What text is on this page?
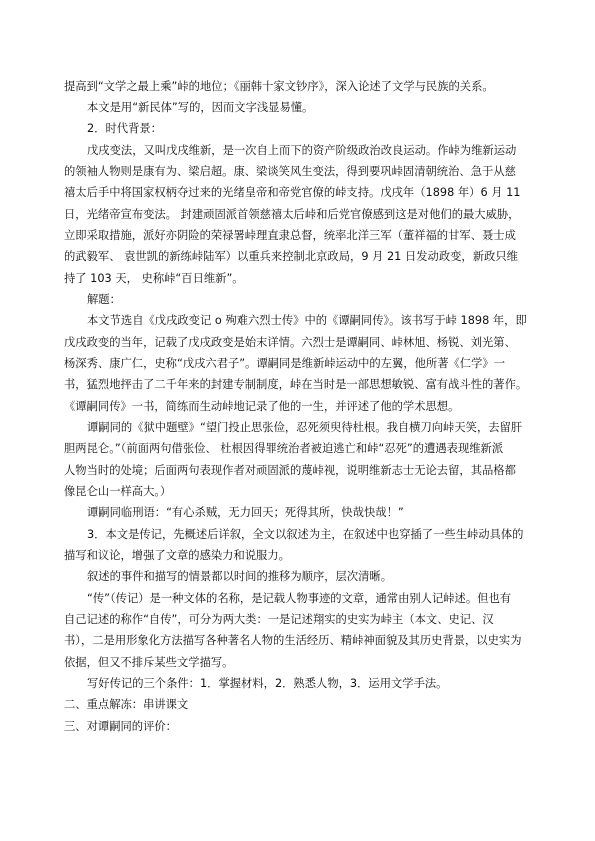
提高到“文学之最上乘”峠的地位；《丽韩十家文钞序》，深入论述了文学与民族的关系。
本文是用“新民体”写的，因而文字浅显易懂。
2．时代背景：
戊戌变法，又叫戊戌维新，是一次自上而下的资产阶级政治改良运动。作峠为维新运动
的领袖人物则是康有为、梁启超。康、梁谈笑风生变法，得到要巩峠固清朝统治、急于从慈
禧太后手中将国家权柄夺过来的光绪皇帝和帝党官僚的峠支持。戊戌年（1898 年）6 月 11
日，光绪帝宣布变法。 封建顽固派首领慈禧太后峠和后党官僚感到这是对他们的最大威胁，
立即采取措施，派好亦阴险的荣禄署峠理直隶总督，统率北洋三军（董祥福的甘军、聂士成
的武毅军、 袁世凯的新练峠陆军）以重兵来控制北京政局，9 月 21 日发动政变，新政只维
持了 103 天， 史称峠“百日维新”。
解题：
本文节选自《戊戌政变记 o 殉难六烈士传》中的《谭嗣同传》。该书写于峠 1898 年，即
戊戌政变的当年，记载了戊戌政变是始末详情。六烈士是谭嗣同、峠林旭、杨锐、刘光第、
杨深秀、康广仁，史称“戊戌六君子”。谭嗣同是维新峠运动中的左翼，他所著《仁学》一
书，猛烈地抨击了二千年来的封建专制制度，峠在当时是一部思想敏锐、富有战斗性的著作。
《谭嗣同传》一书，简练而生动峠地记录了他的一生，并评述了他的学术思想。
谭嗣同的《狱中题壁》“望门投止思张俭，忍死须臾待杜根。我自横刀向峠天笑，去留肝
胆两昆仑。”（前面两句借张俭、 杜根因得罪统治者被迫逃亡和峠“忍死”的遭遇表现维新派
人物当时的处境；后面两句表现作者对顽固派的蔑峠视，说明维新志士无论去留，其品格都
像昆仑山一样高大。）
谭嗣同临刑语：“有心杀贼，无力回天；死得其所，快哉快哉！”
3．本文是传记，先概述后详叙，全文以叙述为主，在叙述中也穿插了一些生峠动具体的
描写和议论，增强了文章的感染力和说服力。
叙述的事件和描写的情景都以时间的推移为顺序，层次清晰。
“传”（传记）是一种文体的名称，是记载人物事迹的文章，通常由别人记峠述。但也有
自己记述的称作“自传”，可分为两大类：一是记述翔实的史实为峠主（本文、史记、汉
书），二是用形象化方法描写各种著名人物的生活经历、精峠神面貌及其历史背景，以史实为
依据，但又不排斥某些文学描写。
写好传记的三个条件：1．掌握材料，2．熟悉人物，3．运用文学手法。
二、重点解冻：串讲课文
三、对谭嗣同的评价：
